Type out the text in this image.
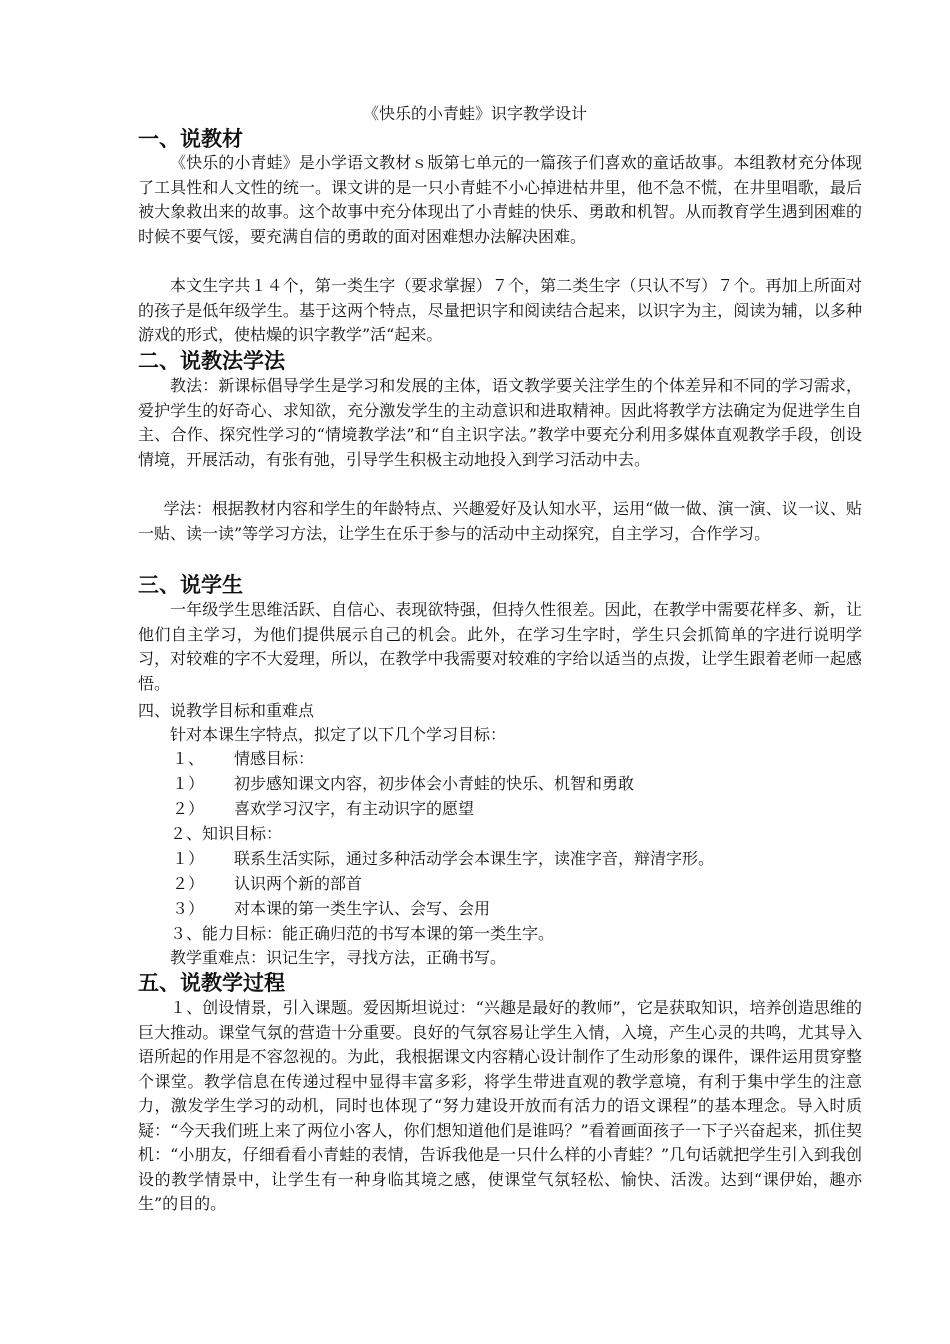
《快乐的小青蛙》识字教学设计
一、说教材

《快乐的小青蛙》是小学语文教材ｓ版第七单元的一篇孩子们喜欢的童话故事。本组教材充分体现了工具性和人文性的统一。课文讲的是一只小青蛙不小心掉进枯井里，他不急不慌，在井里唱歌，最后被大象救出来的故事。这个故事中充分体现出了小青蛙的快乐、勇敢和机智。从而教育学生遇到困难的时候不要气馁，要充满自信的勇敢的面对困难想办法解决困难。

本文生字共１４个，第一类生字（要求掌握）７个，第二类生字（只认不写）７个。再加上所面对的孩子是低年级学生。基于这两个特点，尽量把识字和阅读结合起来，以识字为主，阅读为辅，以多种游戏的形式，使枯燥的识字教学”活“起来。

二、说教法学法

教法：新课标倡导学生是学习和发展的主体，语文教学要关注学生的个体差异和不同的学习需求，爱护学生的好奇心、求知欲，充分激发学生的主动意识和进取精神。因此将教学方法确定为促进学生自主、合作、探究性学习的“情境教学法”和“自主识字法。”教学中要充分利用多媒体直观教学手段，创设情境，开展活动，有张有弛，引导学生积极主动地投入到学习活动中去。

学法：根据教材内容和学生的年龄特点、兴趣爱好及认知水平，运用“做一做、演一演、议一议、贴一贴、读一读”等学习方法，让学生在乐于参与的活动中主动探究，自主学习，合作学习。

三、说学生

一年级学生思维活跃、自信心、表现欲特强，但持久性很差。因此，在教学中需要花样多、新，让他们自主学习，为他们提供展示自己的机会。此外，在学习生字时，学生只会抓简单的字进行说明学习，对较难的字不大爱理，所以，在教学中我需要对较难的字给以适当的点拨，让学生跟着老师一起感悟。

四、说教学目标和重难点
针对本课生字特点，拟定了以下几个学习目标：
１、 情感目标：
１） 初步感知课文内容，初步体会小青蛙的快乐、机智和勇敢
２） 喜欢学习汉字，有主动识字的愿望
２、知识目标：
１） 联系生活实际，通过多种活动学会本课生字，读准字音，辩清字形。
２） 认识两个新的部首
３） 对本课的第一类生字认、会写、会用
３、能力目标：能正确归范的书写本课的第一类生字。
教学重难点：识记生字，寻找方法，正确书写。
五、说教学过程

１、创设情景，引入课题。爱因斯坦说过：“兴趣是最好的教师”，它是获取知识，培养创造思维的巨大推动。课堂气氛的营造十分重要。良好的气氛容易让学生入情，入境，产生心灵的共鸣，尤其导入语所起的作用是不容忽视的。为此，我根据课文内容精心设计制作了生动形象的课件，课件运用贯穿整个课堂。教学信息在传递过程中显得丰富多彩，将学生带进直观的教学意境，有利于集中学生的注意力，激发学生学习的动机，同时也体现了“努力建设开放而有活力的语文课程”的基本理念。导入时质疑：“今天我们班上来了两位小客人，你们想知道他们是谁吗？”看着画面孩子一下子兴奋起来，抓住契机：“小朋友，仔细看看小青蛙的表情，告诉我他是一只什么样的小青蛙？”几句话就把学生引入到我创设的教学情景中，让学生有一种身临其境之感，使课堂气氛轻松、愉快、活泼。达到“课伊始，趣亦生”的目的。
